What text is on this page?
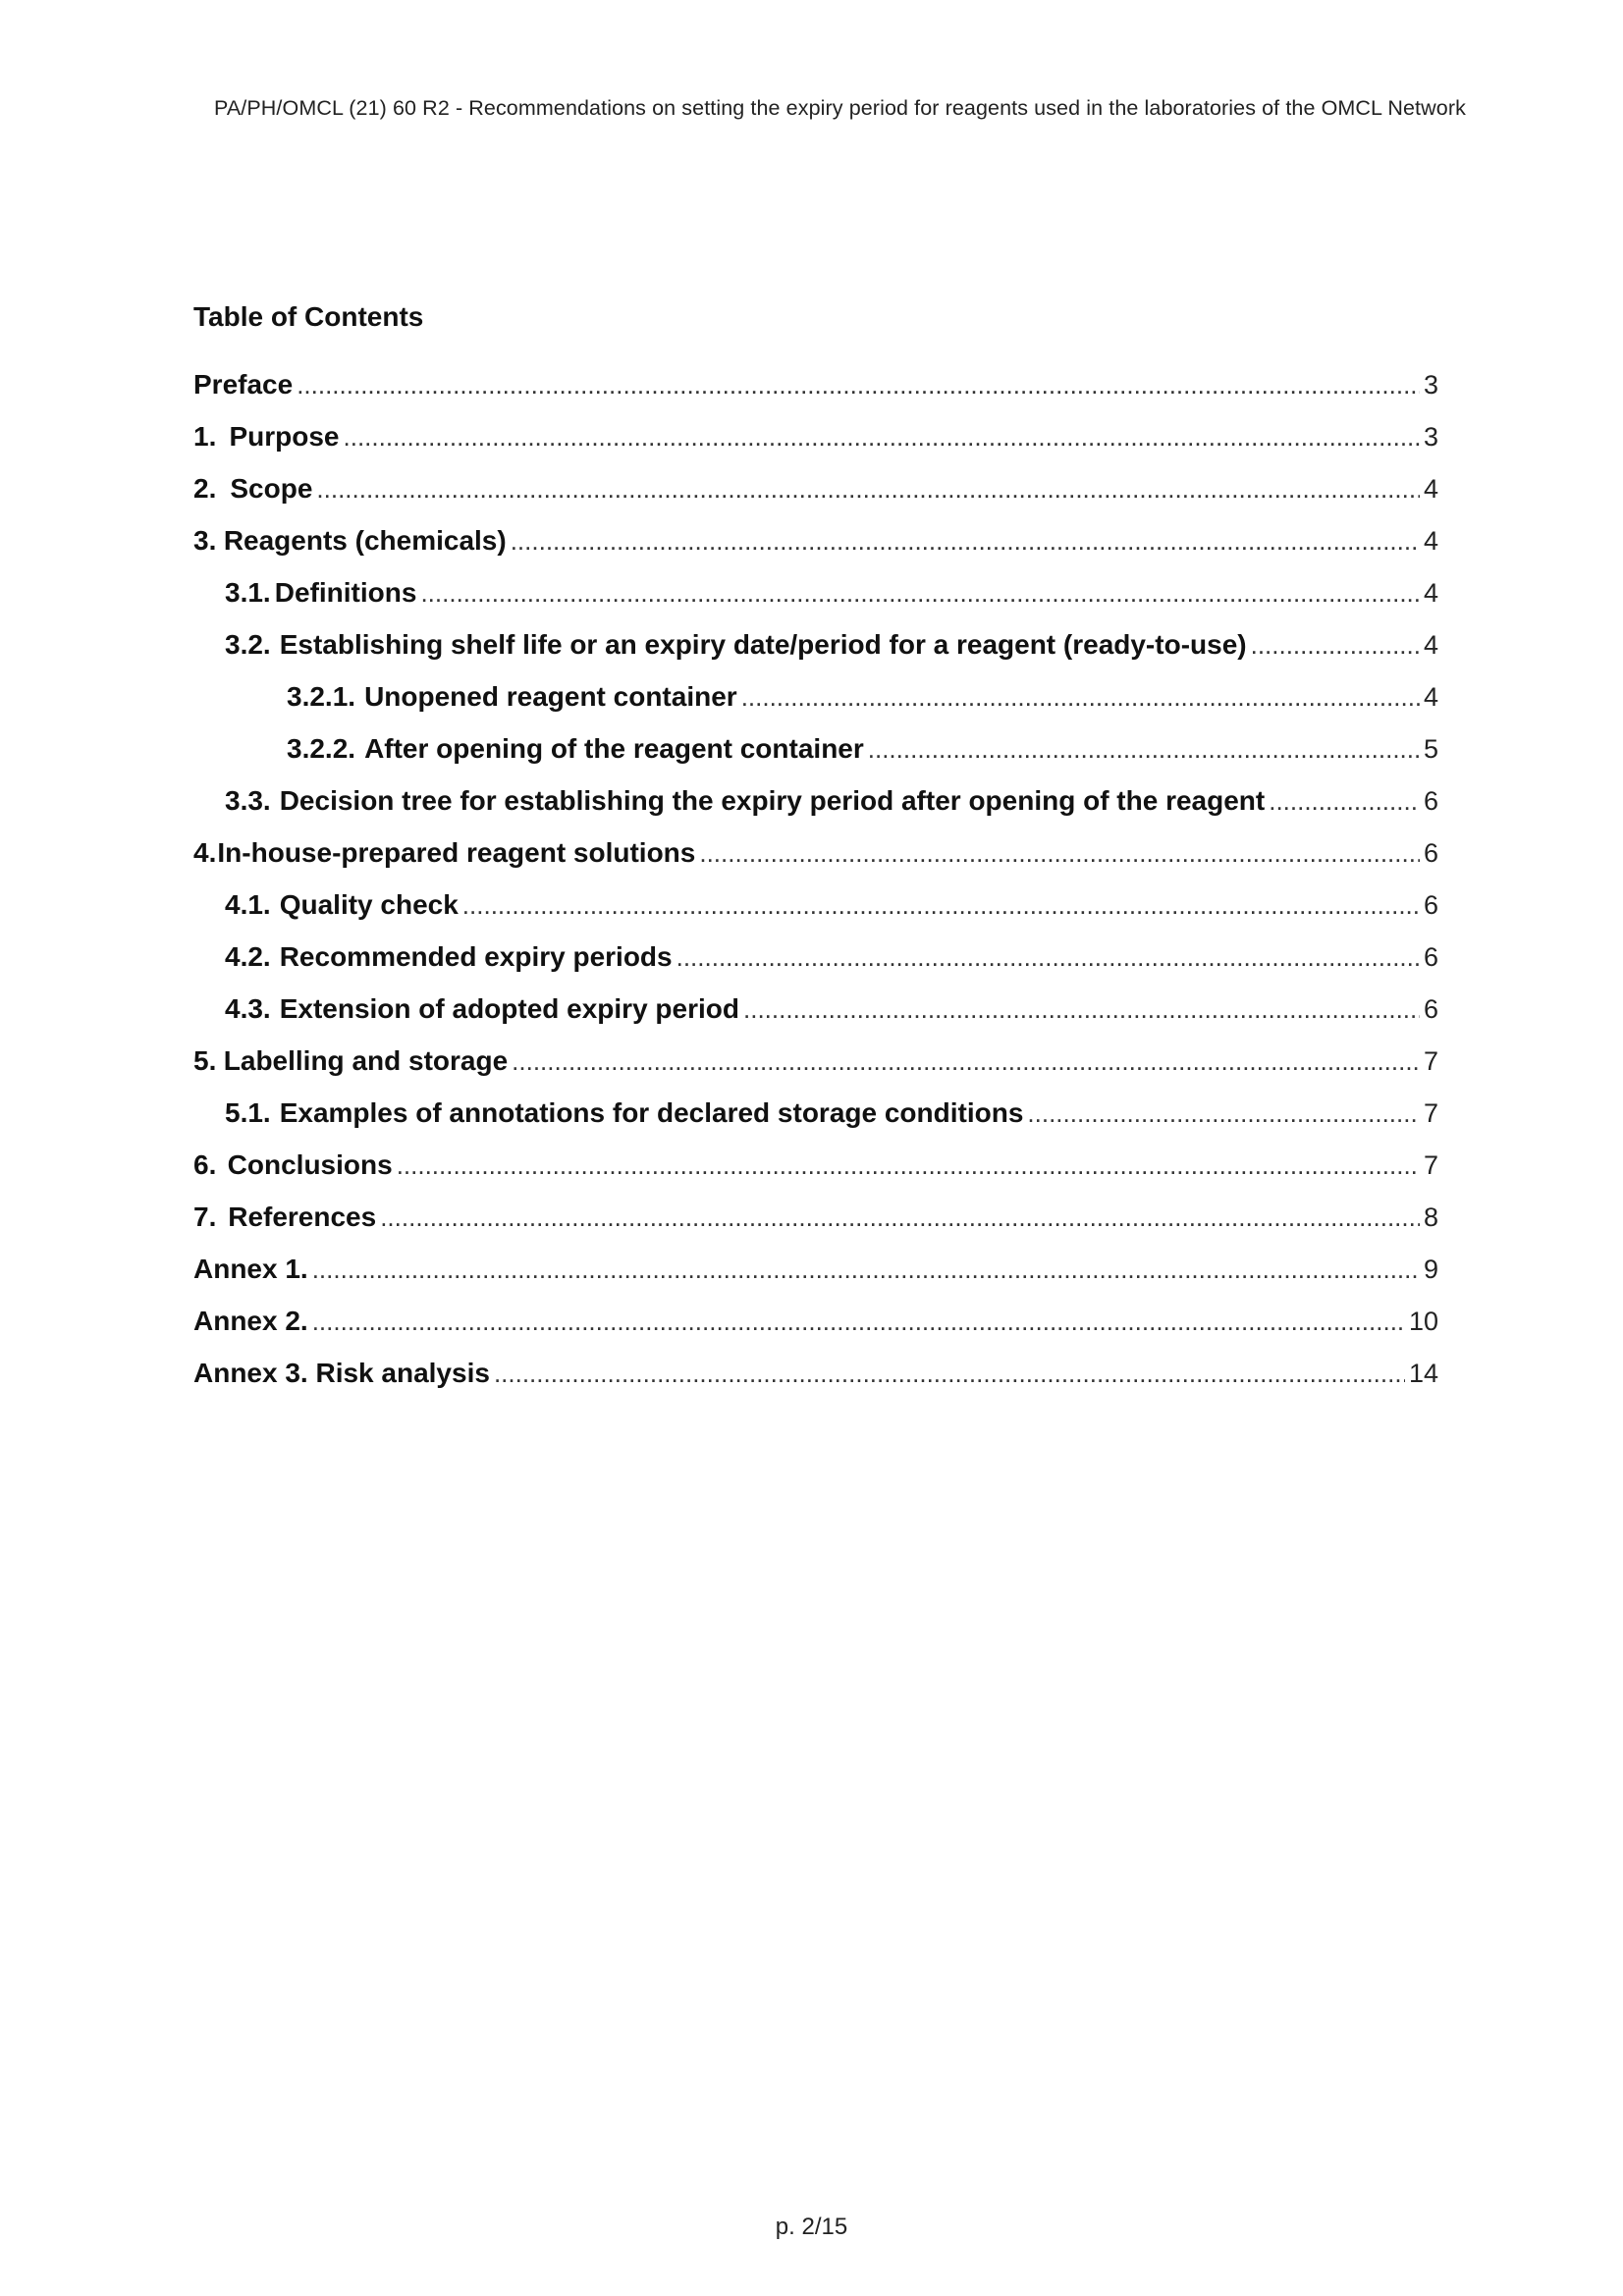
PA/PH/OMCL (21) 60 R2 - Recommendations on setting the expiry period for reagents used in the laboratories of the OMCL Network
Table of Contents
Preface .....	3
1. Purpose .....	3
2. Scope .....	4
3. Reagents (chemicals) .....	4
3.1. Definitions .....	4
3.2. Establishing shelf life or an expiry date/period for a reagent (ready-to-use) .....	4
3.2.1. Unopened reagent container .....	4
3.2.2. After opening of the reagent container .....	5
3.3. Decision tree for establishing the expiry period after opening of the reagent .....	6
4. In-house-prepared reagent solutions .....	6
4.1. Quality check .....	6
4.2. Recommended expiry periods .....	6
4.3. Extension of adopted expiry period .....	6
5. Labelling and storage .....	7
5.1. Examples of annotations for declared storage conditions .....	7
6. Conclusions .....	7
7. References .....	8
Annex 1. .....	9
Annex 2. .....	10
Annex 3. Risk analysis .....	14
p. 2/15
